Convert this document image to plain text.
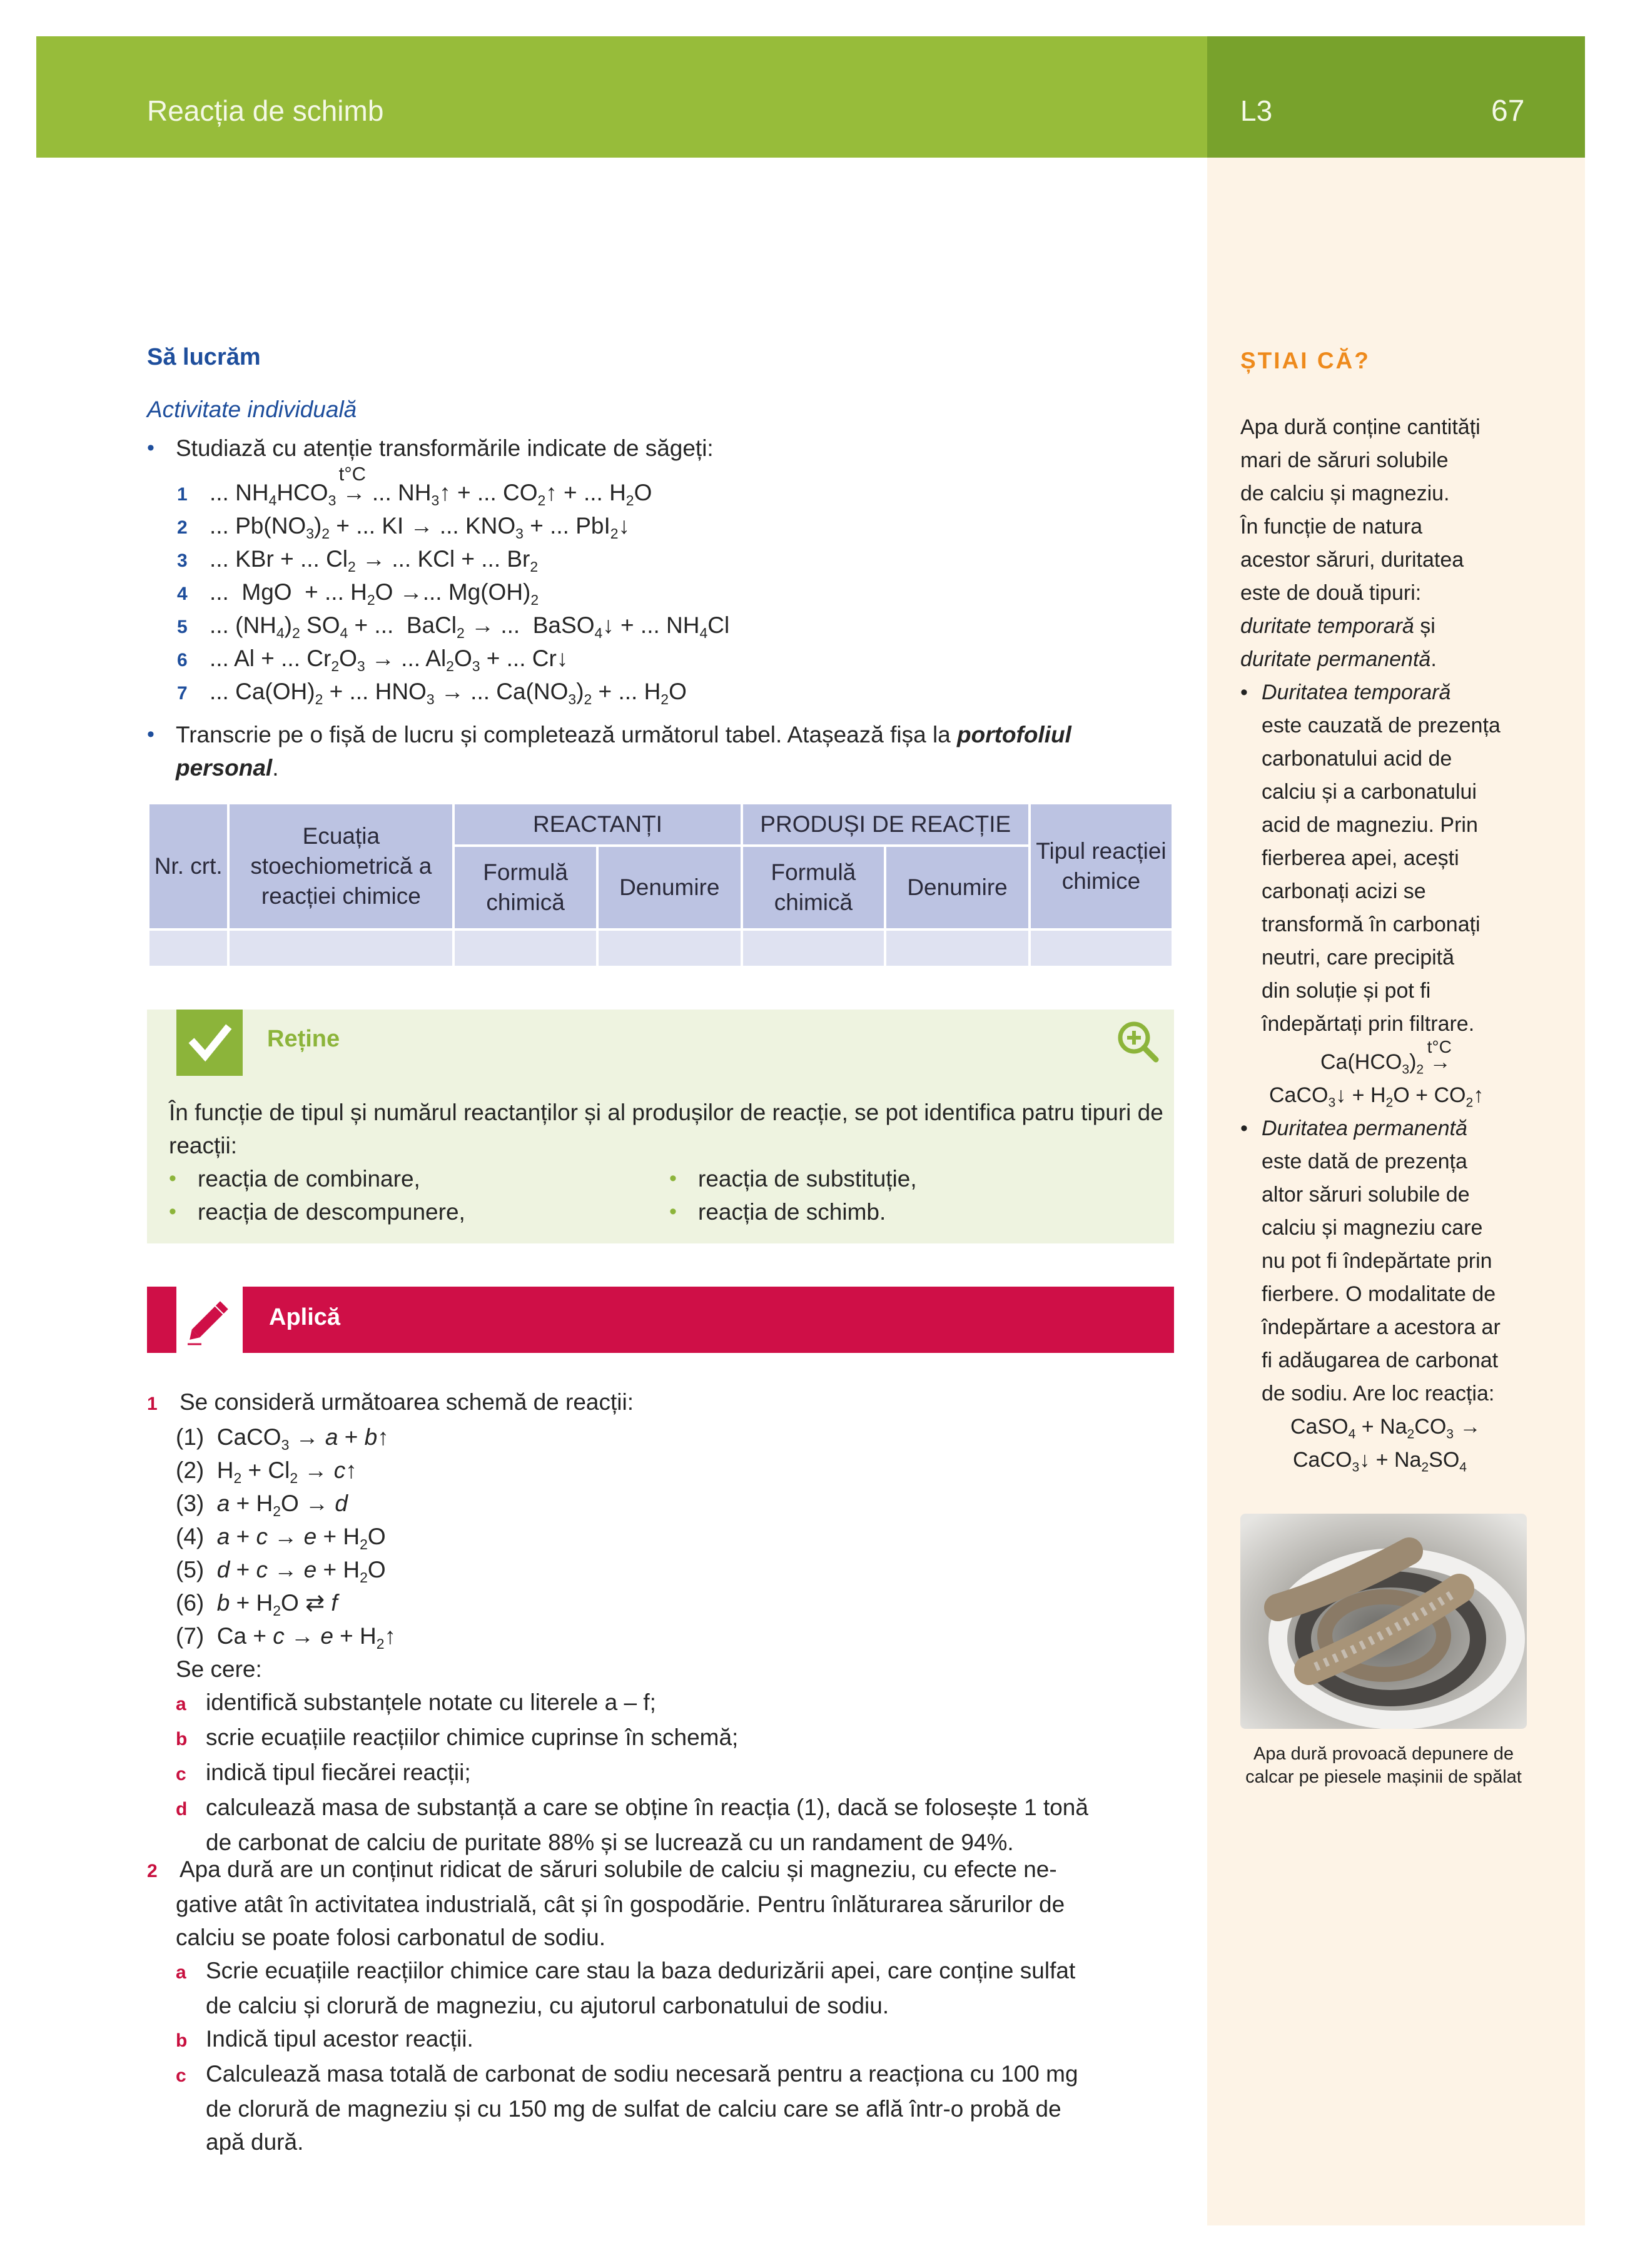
Reacția de schimb	L3	67
Să lucrăm
Activitate individuală
• Studiază cu atenție transformările indicate de săgeți:
1 ... $NH_4HCO_3$
t°C
→ ... $NH_3↑$ + ... $CO_2↑$ + ... $H_2O$
2 ... $Pb(NO_3)_2$ + ... KI → ... $KNO_3$ + ... PbI$_2$↓
3 ... KBr + ... $Cl_2$ → ... KCl + ... $Br_2$
4 ...  MgO  + ... $H_2O$ →... $Mg(OH)_2$
5 ... $(NH_4)_2$ $SO_4$ + ...  BaCl$_2$ → ...  BaSO$_4$↓ + ... $NH_4Cl$
6 ... Al + ... $Cr_2O_3$ → ... $Al_2O_3$ + ... Cr↓
7 ... $Ca(OH)_2$ + ... $HNO_3$ → ... $Ca(NO_3)_2$ + ... $H_2O$
• Transcrie pe o fișă de lucru și completează următorul tabel. Atașează fișa la portofoliul
personal.
Nr. crt.	Ecuația stoechiometrică a reacției chimice	REACTANȚI		PRODUȘI DE REACȚIE		Tipul reacției chimice
		Formulă chimică	Denumire	Formulă chimică	Denumire	

Reține
În funcție de tipul și numărul reactanților și al produșilor de reacție, se pot identifica patru tipuri de reacții:
• reacția de combinare,
• reacția de descompunere,
• reacția de substituție,
• reacția de schimb.
Aplică
1 Se consideră următoarea schemă de reacții:
(1)  CaCO$_3$ → a + b↑
(2)  $H_2 + Cl_2$ → c↑
(3)  $a + H_2O \to d$
(4)  $a + c \to e + H_2O$
(5)  $d + c \to e + H_2O$
(6)  $b + H_2O$ ⇄ f
(7)  $Ca + c \to e + H_2↑$
Se cere:
a identifică substanțele notate cu literele a – f;
b scrie ecuațiile reacțiilor chimice cuprinse în schemă;
c indică tipul fiecărei reacții;
d calculează masa de substanță a care se obține în reacția (1), dacă se folosește 1 tonă
de carbonat de calciu de puritate 88% și se lucrează cu un randament de 94%.
2 Apa dură are un conținut ridicat de săruri solubile de calciu și magneziu, cu efecte ne-
gative atât în activitatea industrială, cât și în gospodărie. Pentru înlăturarea sărurilor de
calciu se poate folosi carbonatul de sodiu.
a Scrie ecuațiile reacțiilor chimice care stau la baza dedurizării apei, care conține sulfat
de calciu și clorură de magneziu, cu ajutorul carbonatului de sodiu.
b Indică tipul acestor reacții.
c Calculează masa totală de carbonat de sodiu necesară pentru a reacționa cu 100 mg
de clorură de magneziu și cu 150 mg de sulfat de calciu care se află într-o probă de
apă dură.
ȘTIAI CĂ?
Apa dură conține cantități
mari de săruri solubile
de calciu și magneziu.
În funcție de natura
acestor săruri, duritatea
este de două tipuri:
duritate temporară și
duritate permanentă.
• Duritatea temporară
este cauzată de prezența
carbonatului acid de
calciu și a carbonatului
acid de magneziu. Prin
fierberea apei, acești
carbonați acizi se
transformă în carbonați
neutri, care precipită
din soluție și pot fi
îndepărtați prin filtrare.
$Ca(HCO_3)_2$
t°C
→
CaCO$_3$↓ + $H_2O$ + $CO_2↑$
• Duritatea permanentă
este dată de prezența
altor săruri solubile de
calciu și magneziu care
nu pot fi îndepărtate prin
fierbere. O modalitate de
îndepărtare a acestora ar
fi adăugarea de carbonat
de sodiu. Are loc reacția:
CaSO$_4$ + $Na_2CO_3$ →
CaCO$_3$↓ + $Na_2SO_4$
Apa dură provoacă depunere de calcar pe piesele mașinii de spălat
